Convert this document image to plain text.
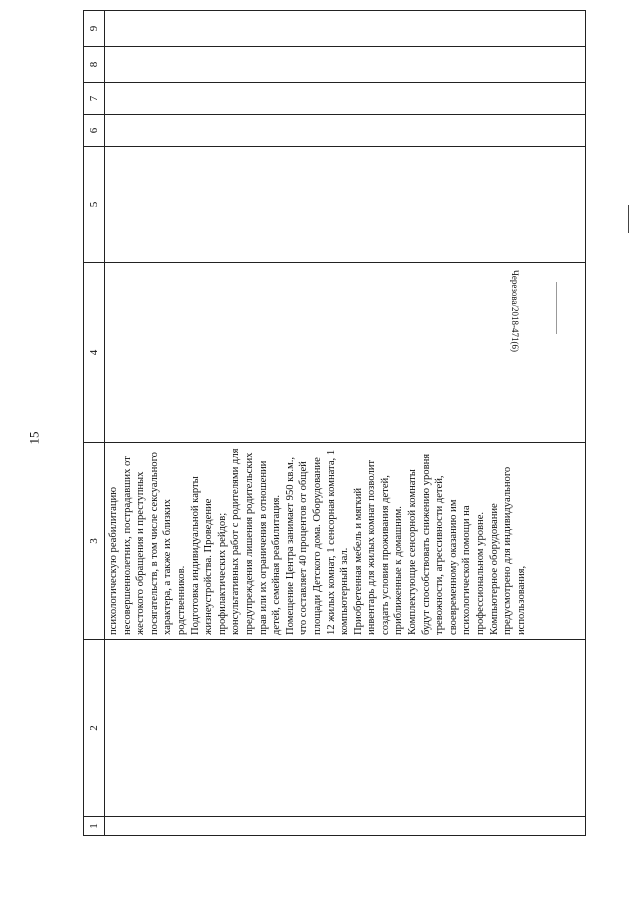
15
Чеpeзова/2018-471(6)
1	2	3	4	5	6	7	8	9

		психологическую реабилитацию несовершеннолетних, пострадавших от жестокого обращения и преступных посягательств, в том числе сексуального характера, а также их близких родственников. Подготовка индивидуальной карты жизнеустройства. Проведение профилактических рейдов; консультативных работ с родителями для предупреждения лишения родительских прав или их ограничения в отношении детей, семейная реабилитация. Помещение Центра занимает 950 кв.м., что составляет 40 процентов от общей площади Детского дома. Оборудование 12 жилых комнат, 1 сенсорная комната, 1 компьютерный зал. Приобретенная мебель и мягкий инвентарь для жилых комнат позволит создать условия проживания детей, приближенные к домашним. Комплектующие сенсорной комнаты будут способствовать снижению уровня тревожности, агрессивности детей, своевременному оказанию им психологической помощи на профессиональном уровне. Компьютерное оборудование предусмотрено для индивидуального использования,						
